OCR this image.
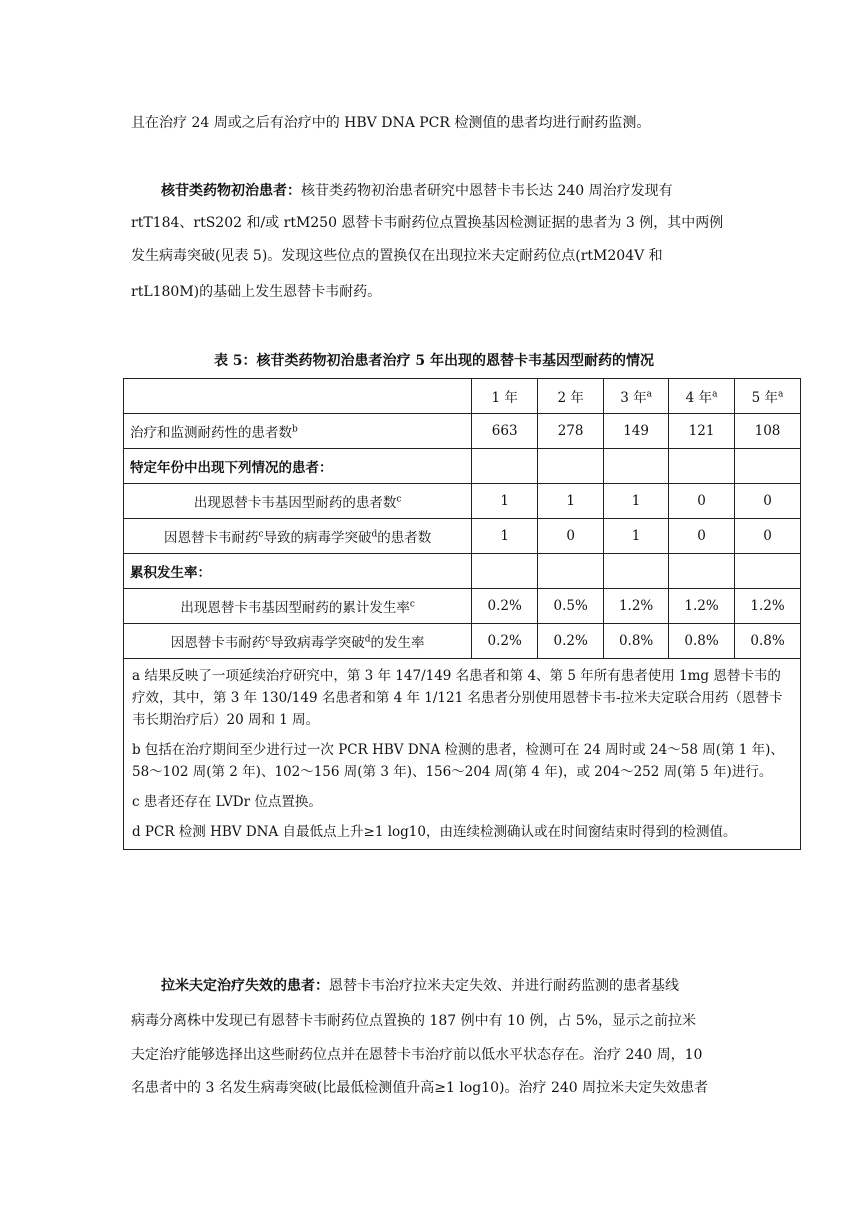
且在治疗 24 周或之后有治疗中的 HBV DNA PCR 检测值的患者均进行耐药监测。
核苷类药物初治患者：核苷类药物初治患者研究中恩替卡韦长达 240 周治疗发现有
rtT184、rtS202 和/或 rtM250 恩替卡韦耐药位点置换基因检测证据的患者为 3 例，其中两例
发生病毒突破(见表 5)。发现这些位点的置换仅在出现拉米夫定耐药位点(rtM204V 和
rtL180M)的基础上发生恩替卡韦耐药。
表 5：核苷类药物初治患者治疗 5 年出现的恩替卡韦基因型耐药的情况
	1 年	2 年	3 年$^a$	4 年$^a$	5 年$^a$
治疗和监测耐药性的患者数$^b$	663	278	149	121	108
特定年份中出现下列情况的患者：					
出现恩替卡韦基因型耐药的患者数$^c$	1	1	1	0	0
因恩替卡韦耐药$^c$导致的病毒学突破$^d$的患者数	1	0	1	0	0
累积发生率：					
出现恩替卡韦基因型耐药的累计发生率$^c$	0.2%	0.5%	1.2%	1.2%	1.2%
因恩替卡韦耐药$^c$导致病毒学突破$^d$的发生率	0.2%	0.2%	0.8%	0.8%	0.8%

a 结果反映了一项延续治疗研究中，第 3 年 147/149 名患者和第 4、第 5 年所有患者使用 1mg 恩替卡韦的疗效，其中，第 3 年 130/149 名患者和第 4 年 1/121 名患者分别使用恩替卡韦-拉米夫定联合用药（恩替卡韦长期治疗后）20 周和 1 周。

b 包括在治疗期间至少进行过一次 PCR HBV DNA 检测的患者，检测可在 24 周时或 24～58 周(第 1 年)、58～102 周(第 2 年)、102～156 周(第 3 年)、156～204 周(第 4 年)，或 204～252 周(第 5 年)进行。

c 患者还存在 LVDr 位点置换。

d PCR 检测 HBV DNA 自最低点上升≥1 log10，由连续检测确认或在时间窗结束时得到的检测值。					

拉米夫定治疗失效的患者：恩替卡韦治疗拉米夫定失效、并进行耐药监测的患者基线
病毒分离株中发现已有恩替卡韦耐药位点置换的 187 例中有 10 例，占 5%，显示之前拉米
夫定治疗能够选择出这些耐药位点并在恩替卡韦治疗前以低水平状态存在。治疗 240 周，10
名患者中的 3 名发生病毒突破(比最低检测值升高≥1 log10)。治疗 240 周拉米夫定失效患者
